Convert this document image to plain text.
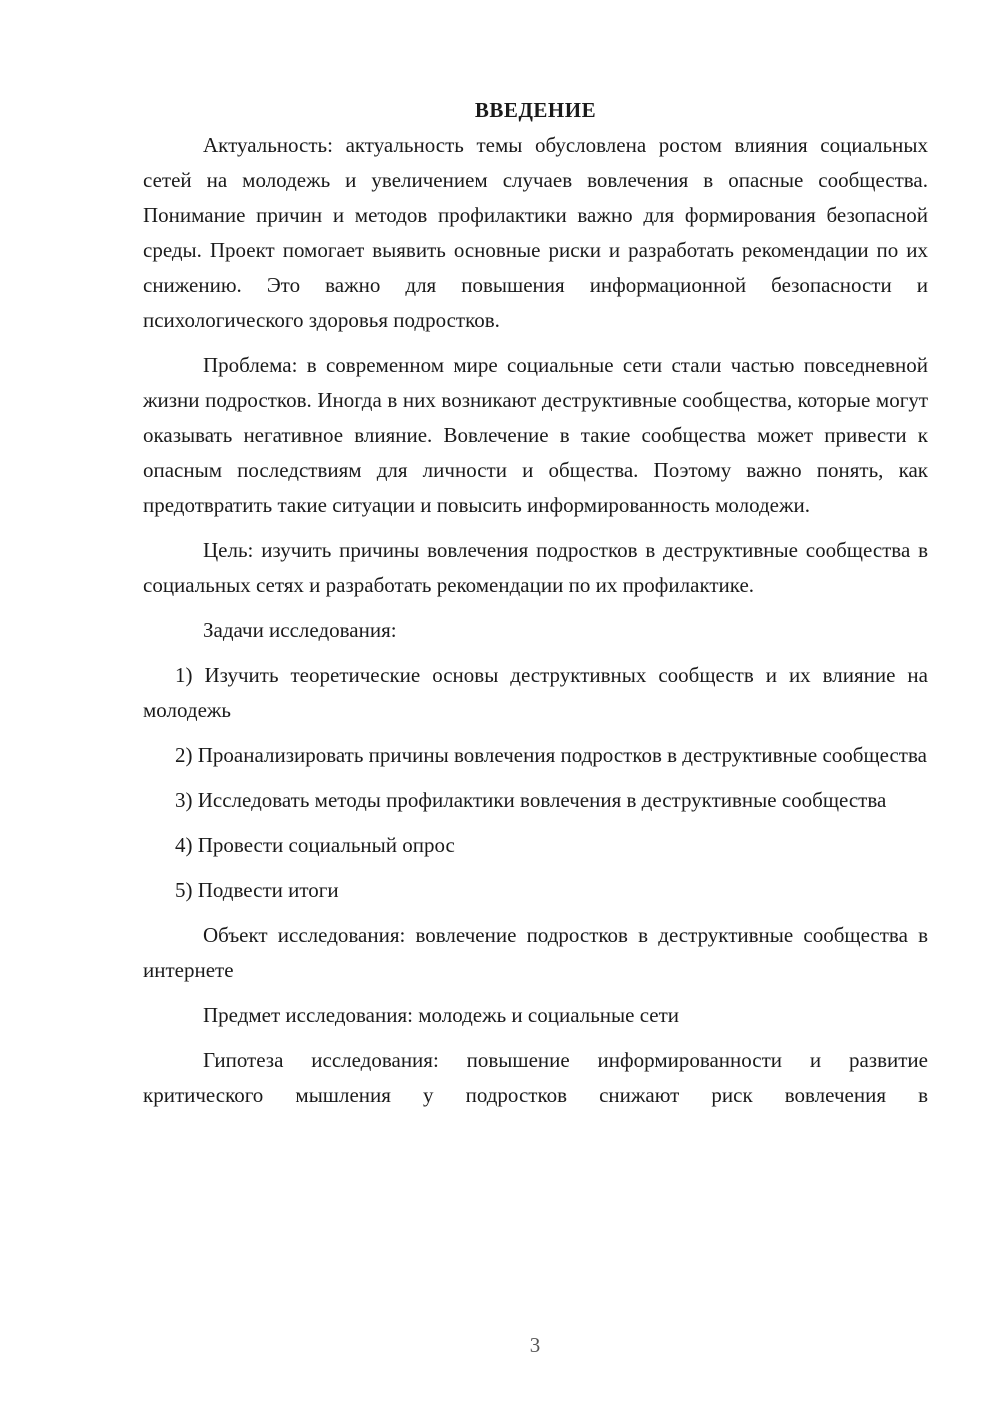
ВВЕДЕНИЕ

Актуальность: актуальность темы обусловлена ростом влияния социальных сетей на молодежь и увеличением случаев вовлечения в опасные сообщества. Понимание причин и методов профилактики важно для формирования безопасной среды. Проект помогает выявить основные риски и разработать рекомендации по их снижению. Это важно для повышения информационной безопасности и психологического здоровья подростков.

Проблема: в современном мире социальные сети стали частью повседневной жизни подростков. Иногда в них возникают деструктивные сообщества, которые могут оказывать негативное влияние. Вовлечение в такие сообщества может привести к опасным последствиям для личности и общества. Поэтому важно понять, как предотвратить такие ситуации и повысить информированность молодежи.

Цель: изучить причины вовлечения подростков в деструктивные сообщества в социальных сетях и разработать рекомендации по их профилактике.

Задачи исследования:

1) Изучить теоретические основы деструктивных сообществ и их влияние на молодежь

2) Проанализировать причины вовлечения подростков в деструктивные сообщества

3) Исследовать методы профилактики вовлечения в деструктивные сообщества

4) Провести социальный опрос

5) Подвести итоги

Объект исследования: вовлечение подростков в деструктивные сообщества в интернете

Предмет исследования: молодежь и социальные сети

Гипотеза исследования: повышение информированности и развитие критического мышления у подростков снижают риск вовлечения в

3
